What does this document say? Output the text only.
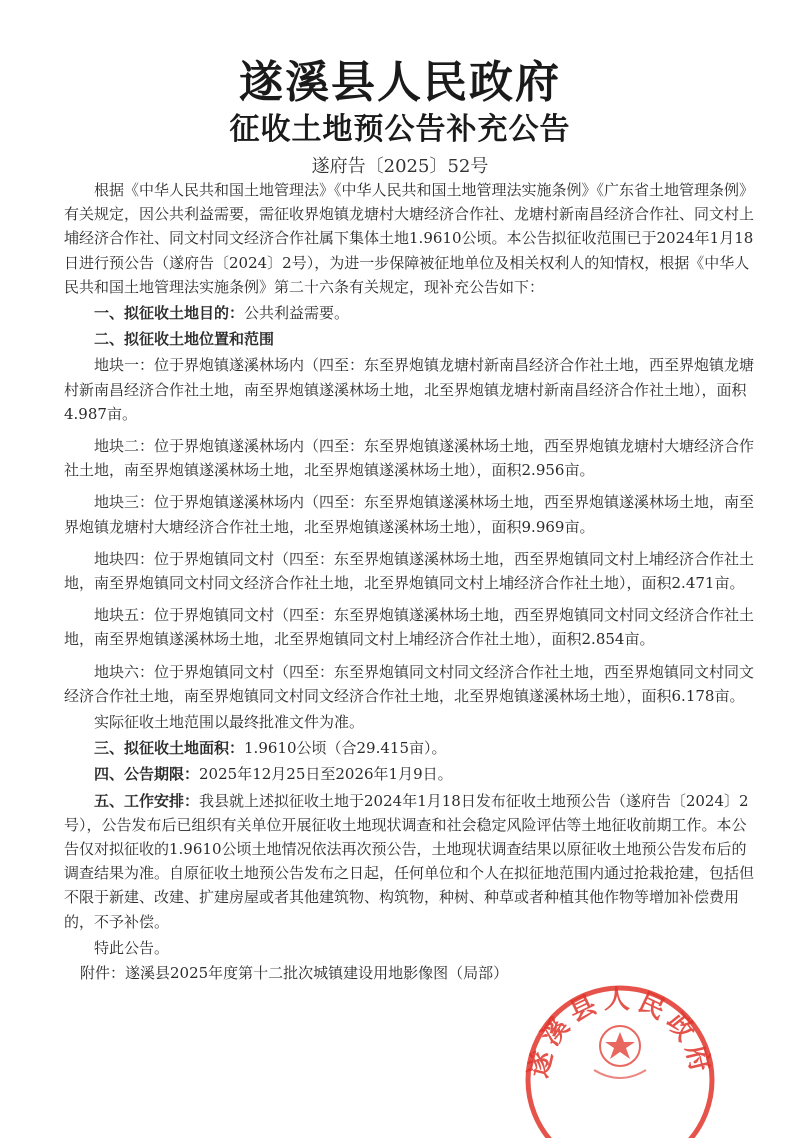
遂溪县人民政府
征收土地预公告补充公告
遂府告〔2025〕52号

根据《中华人民共和国土地管理法》《中华人民共和国土地管理法实施条例》《广东省土地管理条例》有关规定，因公共利益需要，需征收界炮镇龙塘村大塘经济合作社、龙塘村新南昌经济合作社、同文村上埔经济合作社、同文村同文经济合作社属下集体土地1.9610公顷。本公告拟征收范围已于2024年1月18日进行预公告（遂府告〔2024〕2号），为进一步保障被征地单位及相关权利人的知情权，根据《中华人民共和国土地管理法实施条例》第二十六条有关规定，现补充公告如下：

一、拟征收土地目的：公共利益需要。

二、拟征收土地位置和范围

地块一：位于界炮镇遂溪林场内（四至：东至界炮镇龙塘村新南昌经济合作社土地，西至界炮镇龙塘村新南昌经济合作社土地，南至界炮镇遂溪林场土地，北至界炮镇龙塘村新南昌经济合作社土地），面积4.987亩。

地块二：位于界炮镇遂溪林场内（四至：东至界炮镇遂溪林场土地，西至界炮镇龙塘村大塘经济合作社土地，南至界炮镇遂溪林场土地，北至界炮镇遂溪林场土地），面积2.956亩。

地块三：位于界炮镇遂溪林场内（四至：东至界炮镇遂溪林场土地，西至界炮镇遂溪林场土地，南至界炮镇龙塘村大塘经济合作社土地，北至界炮镇遂溪林场土地），面积9.969亩。

地块四：位于界炮镇同文村（四至：东至界炮镇遂溪林场土地，西至界炮镇同文村上埔经济合作社土地，南至界炮镇同文村同文经济合作社土地，北至界炮镇同文村上埔经济合作社土地），面积2.471亩。

地块五：位于界炮镇同文村（四至：东至界炮镇遂溪林场土地，西至界炮镇同文村同文经济合作社土地，南至界炮镇遂溪林场土地，北至界炮镇同文村上埔经济合作社土地），面积2.854亩。

地块六：位于界炮镇同文村（四至：东至界炮镇同文村同文经济合作社土地，西至界炮镇同文村同文经济合作社土地，南至界炮镇同文村同文经济合作社土地，北至界炮镇遂溪林场土地），面积6.178亩。

实际征收土地范围以最终批准文件为准。

三、拟征收土地面积：1.9610公顷（合29.415亩）。

四、公告期限：2025年12月25日至2026年1月9日。

五、工作安排：我县就上述拟征收土地于2024年1月18日发布征收土地预公告（遂府告〔2024〕2号），公告发布后已组织有关单位开展征收土地现状调查和社会稳定风险评估等土地征收前期工作。本公告仅对拟征收的1.9610公顷土地情况依法再次预公告，土地现状调查结果以原征收土地预公告发布后的调查结果为准。自原征收土地预公告发布之日起，任何单位和个人在拟征地范围内通过抢栽抢建，包括但不限于新建、改建、扩建房屋或者其他建筑物、构筑物，种树、种草或者种植其他作物等增加补偿费用的，不予补偿。

特此公告。

附件：遂溪县2025年度第十二批次城镇建设用地影像图（局部）
遂溪县人民政府
